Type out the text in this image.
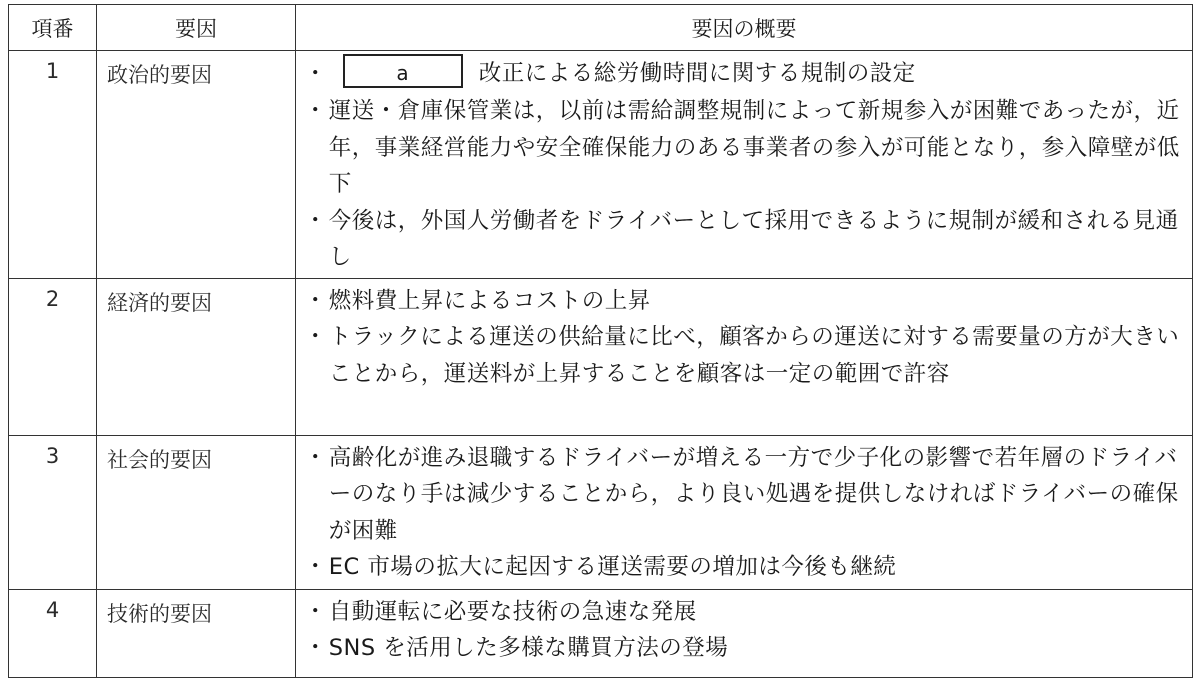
項番	要因	要因の概要
1	政治的要因	・ a 改正による総労働時間に関する規制の設定
・運送・倉庫保管業は，以前は需給調整規制によって新規参入が困難であったが，近年，事業経営能力や安全確保能力のある事業者の参入が可能となり，参入障壁が低下
・今後は，外国人労働者をドライバーとして採用できるように規制が緩和される見通し

2	経済的要因	・燃料費上昇によるコストの上昇
・トラックによる運送の供給量に比べ，顧客からの運送に対する需要量の方が大きいことから，運送料が上昇することを顧客は一定の範囲で許容

3	社会的要因	・高齢化が進み退職するドライバーが増える一方で少子化の影響で若年層のドライバーのなり手は減少することから，より良い処遇を提供しなければドライバーの確保が困難
・EC 市場の拡大に起因する運送需要の増加は今後も継続

4	技術的要因	・自動運転に必要な技術の急速な発展
・SNS を活用した多様な購買方法の登場
